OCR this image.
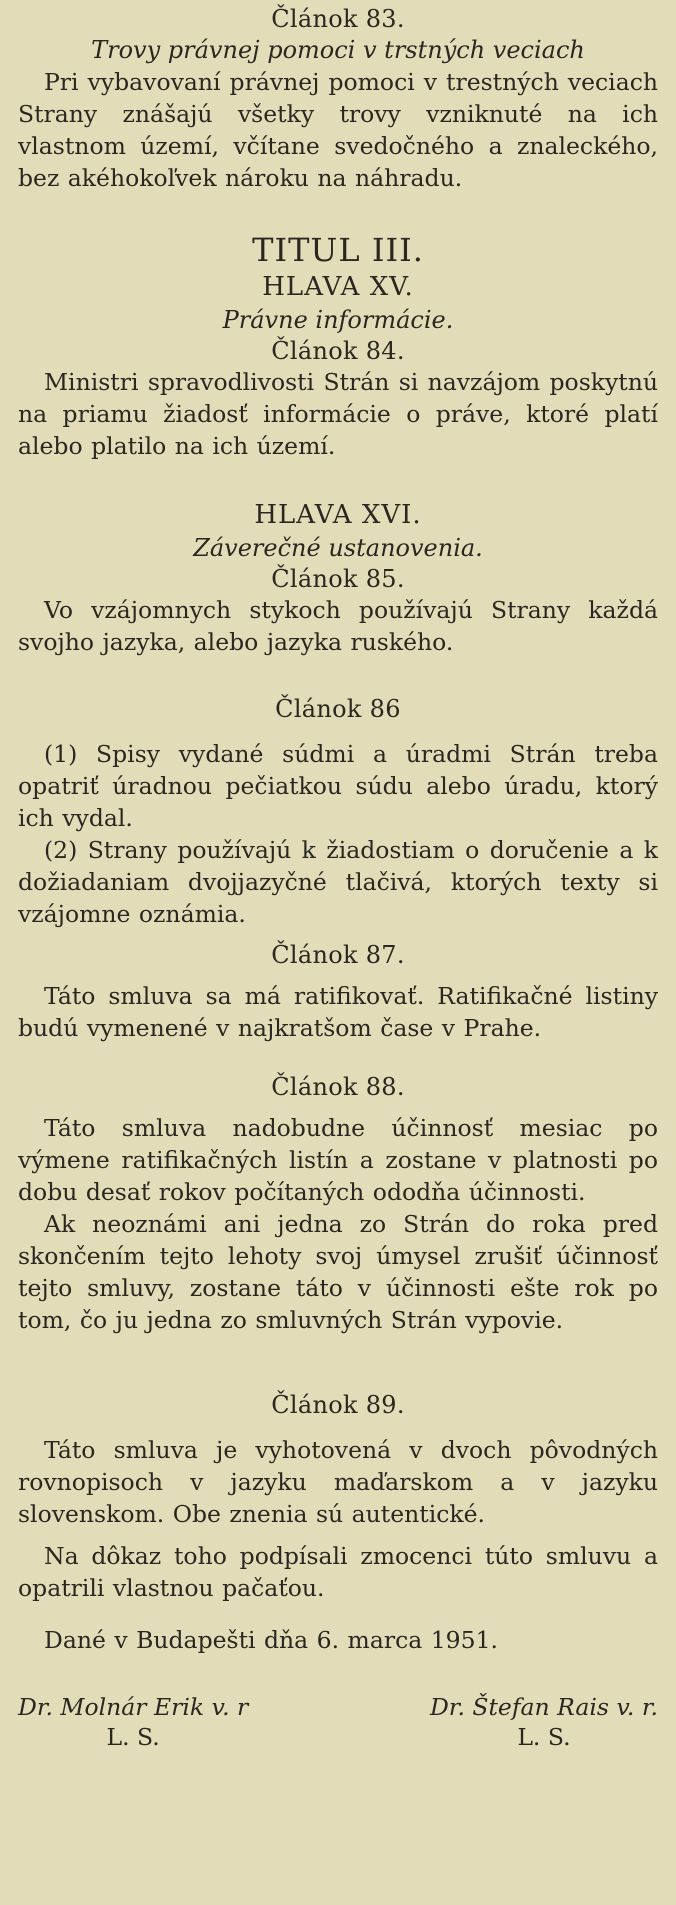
Článok 83.
Trovy právnej pomoci v trstných veciach

Pri vybavovaní právnej pomoci v trestných veciach Strany znášajú všetky trovy vzniknuté na ich vlastnom území, včítane svedočného a znaleckého, bez akéhokoľvek nároku na náhradu.

TITUL III.
HLAVA XV.
Právne informácie.
Článok 84.

Ministri spravodlivosti Strán si navzájom poskytnú na priamu žiadosť informácie o práve, ktoré platí alebo platilo na ich území.

HLAVA XVI.
Záverečné ustanovenia.
Článok 85.

Vo vzájomnych stykoch používajú Strany každá svojho jazyka, alebo jazyka ruského.

Článok 86

(1) Spisy vydané súdmi a úradmi Strán treba opatriť úradnou pečiatkou súdu alebo úradu, ktorý ich vydal.

(2) Strany používajú k žiadostiam o doručenie a k dožiadaniam dvojjazyčné tlačivá, ktorých texty si vzájomne oznámia.

Článok 87.

Táto smluva sa má ratifikovať. Ratifikačné listiny budú vymenené v najkratšom čase v Prahe.

Článok 88.

Táto smluva nadobudne účinnosť mesiac po výmene ratifikačných listín a zostane v platnosti po dobu desať rokov počítaných ododňa účinnosti.

Ak neoznámi ani jedna zo Strán do roka pred skončením tejto lehoty svoj úmysel zrušiť účinnosť tejto smluvy, zostane táto v účinnosti ešte rok po tom, čo ju jedna zo smluvných Strán vypovie.

Článok 89.

Táto smluva je vyhotovená v dvoch pôvodných rovnopisoch v jazyku maďarskom a v jazyku slovenskom. Obe znenia sú autentické.

Na dôkaz toho podpísali zmocenci túto smluvu a opatrili vlastnou pačaťou.

Dané v Budapešti dňa 6. marca 1951.

Dr. Molnár Erik v. r
L. S.
Dr. Štefan Rais v. r.
L. S.
